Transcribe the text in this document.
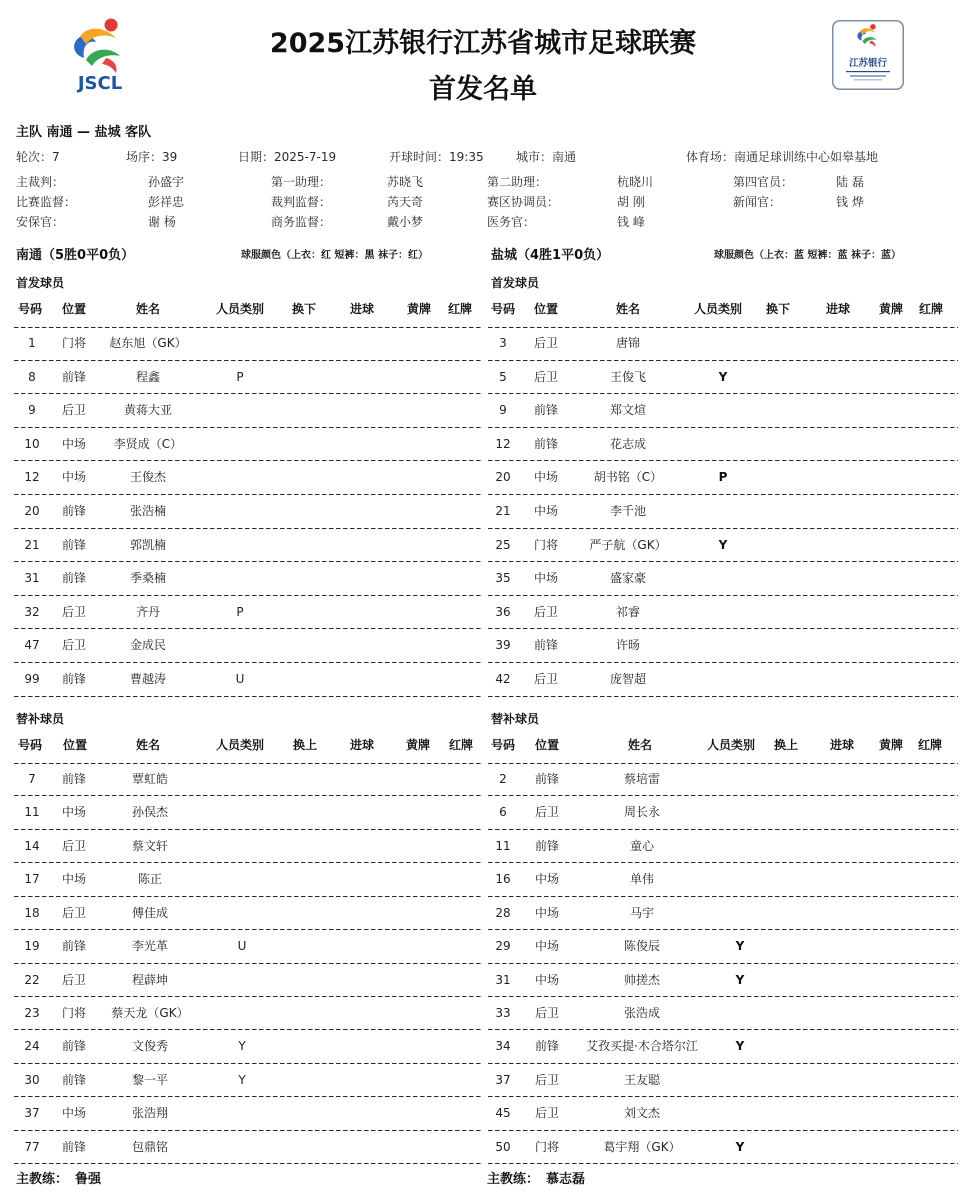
JSCL
2025江苏银行江苏省城市足球联赛
首发名单
江苏银行
主队 南通 — 盐城 客队
轮次：7	场序：39	日期：2025-7-19	开球时间：19:35	城市：南通	体育场：南通足球训练中心如皋基地
主裁判：	孙盛宇	第一助理：	苏晓飞	第二助理：	杭晓川	第四官员：	陆 磊
比赛监督：	彭祥忠	裁判监督：	芮天奇	赛区协调员：	胡 刚	新闻官：	钱 烨
安保官：	谢 杨	商务监督：	戴小梦	医务官：	钱 峰
南通（5胜0平0负）	球服颜色（上衣：红 短裤：黑 袜子：红）	盐城（4胜1平0负）	球服颜色（上衣：蓝 短裤：蓝 袜子：蓝）
首发球员	首发球员
号码 位置	姓名	人员类别 换下	进球	黄牌 红牌
1 门将 赵东旭（GK）
8 前锋	程鑫	P
9 后卫	黄蒋大亚
10 中场 李贤成（C）
12 中场	王俊杰
20 前锋	张浩楠
21 前锋	郭凯楠
31 前锋	季桑楠
32 后卫	齐丹	P
47 后卫	金成民
99 前锋	曹越涛	U
号码 位置	姓名	人员类别 换下	进球 黄牌 红牌
3 后卫	唐锦
5 后卫	王俊飞	Y
9 前锋	郑文煊
12 前锋	花志成
20 中场	胡书铭（C）	P
21 中场	李千池
25 门将	严子航（GK）	Y
35 中场	盛家豪
36 后卫	祁睿
39 前锋	许旸
42 后卫	庞智超
替补球员	替补球员
号码 位置	姓名	人员类别 换上	进球	黄牌 红牌
7 前锋	覃虹皓
11 中场	孙俣杰
14 后卫	蔡文轩
17 中场	陈正
18 后卫	傅佳成
19 前锋	李光革	U
22 后卫	程薜坤
23 门将 蔡天龙（GK）
24 前锋	文俊秀	Y
30 前锋	黎一平	Y
37 中场	张浩翔
77 前锋	包鼎铭
号码 位置	姓名	人员类别 换上	进球 黄牌 红牌
2 前锋	蔡培雷
6 后卫	周长永
11 前锋	童心
16 中场	单伟
28 中场	马宇
29 中场	陈俊辰	Y
31 中场	帅搓杰	Y
33 后卫	张浩成
34 前锋 艾孜买提·木合塔尔江	Y
37 后卫	王友聪
45 后卫	刘文杰
50 门将	葛宇翔（GK）	Y
主教练： 鲁强	主教练： 慕志磊
